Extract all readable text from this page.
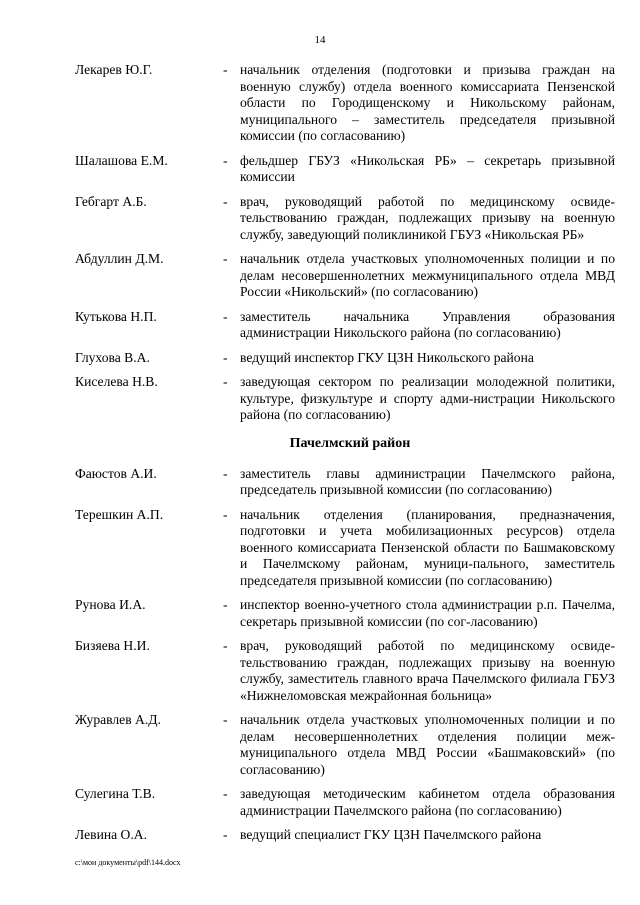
14
Лекарев Ю.Г.	- начальник отделения (подготовки и призыва граждан на военную службу) отдела военного комиссариата Пензенской области по Городищенскому и Никольскому районам, муниципального – заместитель председателя призывной комиссии (по согласованию)
Шалашова Е.М.	- фельдшер ГБУЗ «Никольская РБ» – секретарь призывной комиссии
Гебгарт А.Б.	- врач, руководящий работой по медицинскому освиде-тельствованию граждан, подлежащих призыву на военную службу, заведующий поликлиникой ГБУЗ «Никольская РБ»
Абдуллин Д.М.	- начальник отдела участковых уполномоченных полиции и по делам несовершеннолетних межмуниципального отдела МВД России «Никольский» (по согласованию)
Кутькова Н.П.	- заместитель начальника Управления образования администрации Никольского района (по согласованию)
Глухова В.А.	- ведущий инспектор ГКУ ЦЗН Никольского района
Киселева Н.В.	- заведующая сектором по реализации молодежной политики, культуре, физкультуре и спорту адми-нистрации Никольского района (по согласованию)
Пачелмский район
Фаюстов А.И.	- заместитель главы администрации Пачелмского района, председатель призывной комиссии (по согласованию)
Терешкин А.П.	- начальник отделения (планирования, предназначения, подготовки и учета мобилизационных ресурсов) отдела военного комиссариата Пензенской области по Башмаковскому и Пачелмскому районам, муници-пального, заместитель председателя призывной комиссии (по согласованию)
Рунова И.А.	- инспектор военно-учетного стола администрации р.п. Пачелма, секретарь призывной комиссии (по сог-ласованию)
Бизяева Н.И.	- врач, руководящий работой по медицинскому освиде-тельствованию граждан, подлежащих призыву на военную службу, заместитель главного врача Пачелмского филиала ГБУЗ «Нижнеломовская межрайонная больница»
Журавлев А.Д.	- начальник отдела участковых уполномоченных полиции и по делам несовершеннолетних отделения полиции меж-муниципального отдела МВД России «Башмаковский» (по согласованию)
Сулегина Т.В.	- заведующая методическим кабинетом отдела образования администрации Пачелмского района (по согласованию)
Левина О.А.	- ведущий специалист ГКУ ЦЗН Пачелмского района
c:\мои документы\pdf\144.docx
